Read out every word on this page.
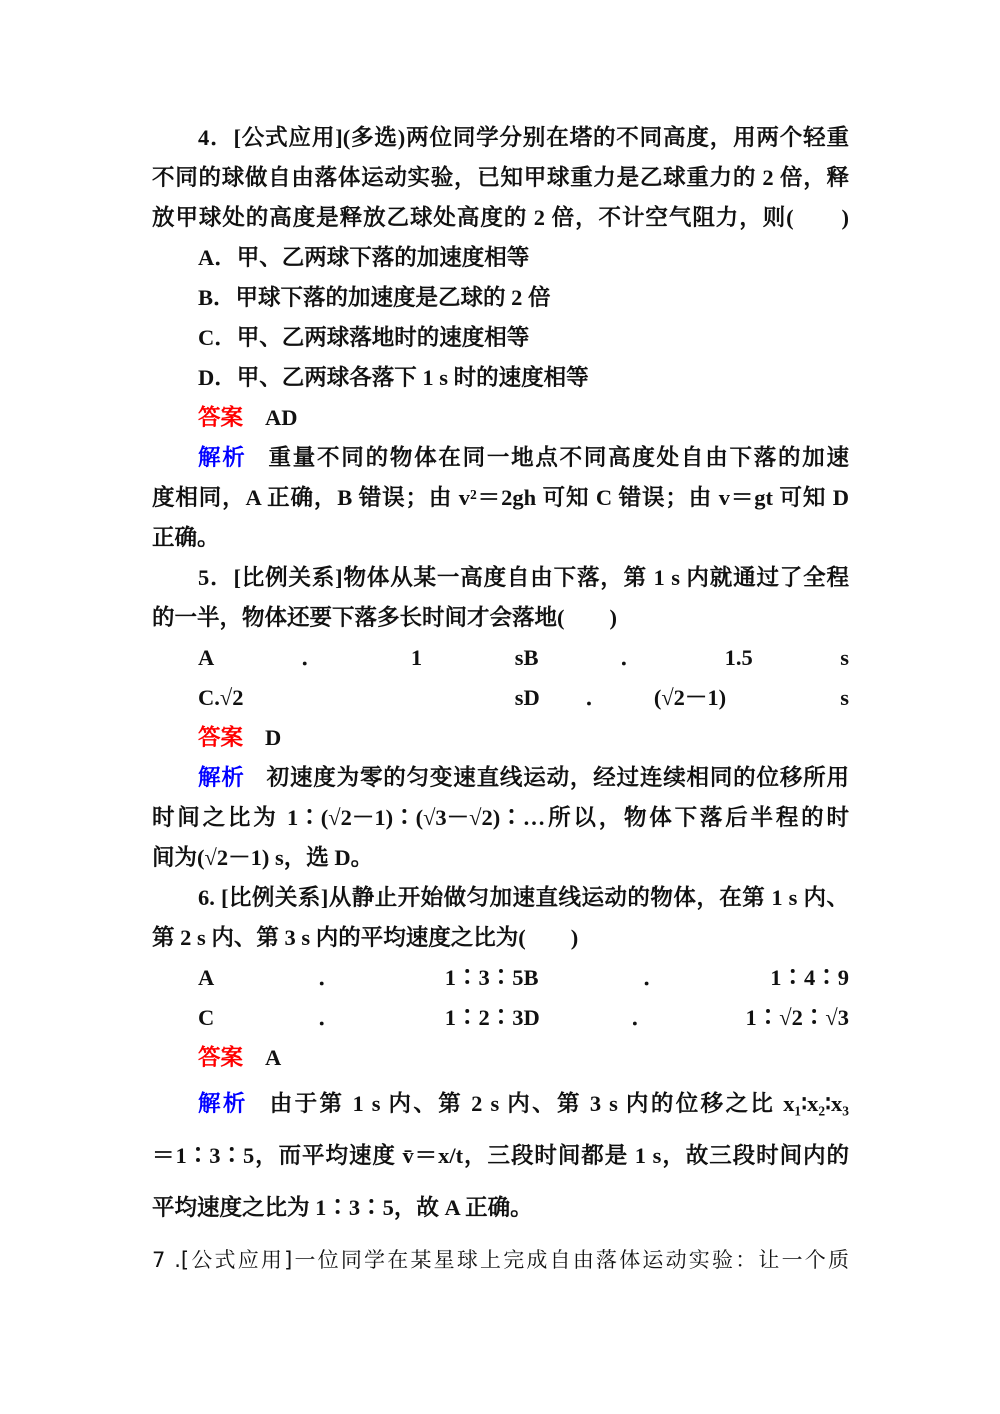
4．[公式应用](多选)两位同学分别在塔的不同高度，用两个轻重
不同的球做自由落体运动实验，已知甲球重力是乙球重力的 2 倍，释
放甲球处的高度是释放乙球处高度的 2 倍，不计空气阻力，则(　　)
A．甲、乙两球下落的加速度相等
B．甲球下落的加速度是乙球的 2 倍
C．甲、乙两球落地时的速度相等
D．甲、乙两球各落下 1 s 时的速度相等
答案 AD
解析 重量不同的物体在同一地点不同高度处自由下落的加速
度相同，A 正确，B 错误；由 v²＝2gh 可知 C 错误；由 v＝gt 可知 D
正确。
5．[比例关系]物体从某一高度自由下落，第 1 s 内就通过了全程
的一半，物体还要下落多长时间才会落地(　　)
A．1 s B．1.5 s
C.√2 s D．(√2－1)　s
答案 D
解析 初速度为零的匀变速直线运动，经过连续相同的位移所用
时间之比为 1∶(√2－1)∶(√3－√2)∶…所以，物体下落后半程的时
间为(√2－1) s，选 D。
6. [比例关系]从静止开始做匀加速直线运动的物体，在第 1 s 内、
第 2 s 内、第 3 s 内的平均速度之比为(　　)
A．1∶3∶5 B．1∶4∶9
C．1∶2∶3 D．1∶√2∶√3
答案 A
解析 由于第 1 s 内、第 2 s 内、第 3 s 内的位移之比 x₁∶x₂∶x₃
＝1∶3∶5，而平均速度 v̄＝x/t，三段时间都是 1 s，故三段时间内的
平均速度之比为 1∶3∶5，故 A 正确。
7 .[公式应用]一位同学在某星球上完成自由落体运动实验：让一个质
